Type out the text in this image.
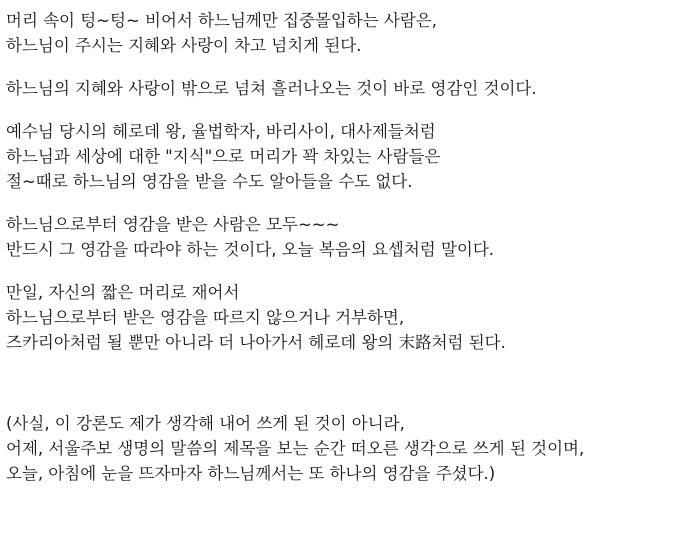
머리 속이 텅~텅~ 비어서 하느님께만 집중몰입하는 사람은,
하느님이 주시는 지혜와 사랑이 차고 넘치게 된다.

하느님의 지혜와 사랑이 밖으로 넘쳐 흘러나오는 것이 바로 영감인 것이다.

예수님 당시의 헤로데 왕, 율법학자, 바리사이, 대사제들처럼
하느님과 세상에 대한 "지식"으로 머리가 꽉 차있는 사람들은
절~때로 하느님의 영감을 받을 수도 알아들을 수도 없다.

하느님으로부터 영감을 받은 사람은 모두~~~
반드시 그 영감을 따라야 하는 것이다, 오늘 복음의 요셉처럼 말이다.

만일, 자신의 짧은 머리로 재어서
하느님으로부터 받은 영감을 따르지 않으거나 거부하면,
즈카리아처럼 될 뿐만 아니라 더 나아가서 헤로데 왕의 末路처럼 된다.

(사실, 이 강론도 제가 생각해 내어 쓰게 된 것이 아니라,
어제, 서울주보 생명의 말씀의 제목을 보는 순간 떠오른 생각으로 쓰게 된 것이며,
오늘, 아침에 눈을 뜨자마자 하느님께서는 또 하나의 영감을 주셨다.)
